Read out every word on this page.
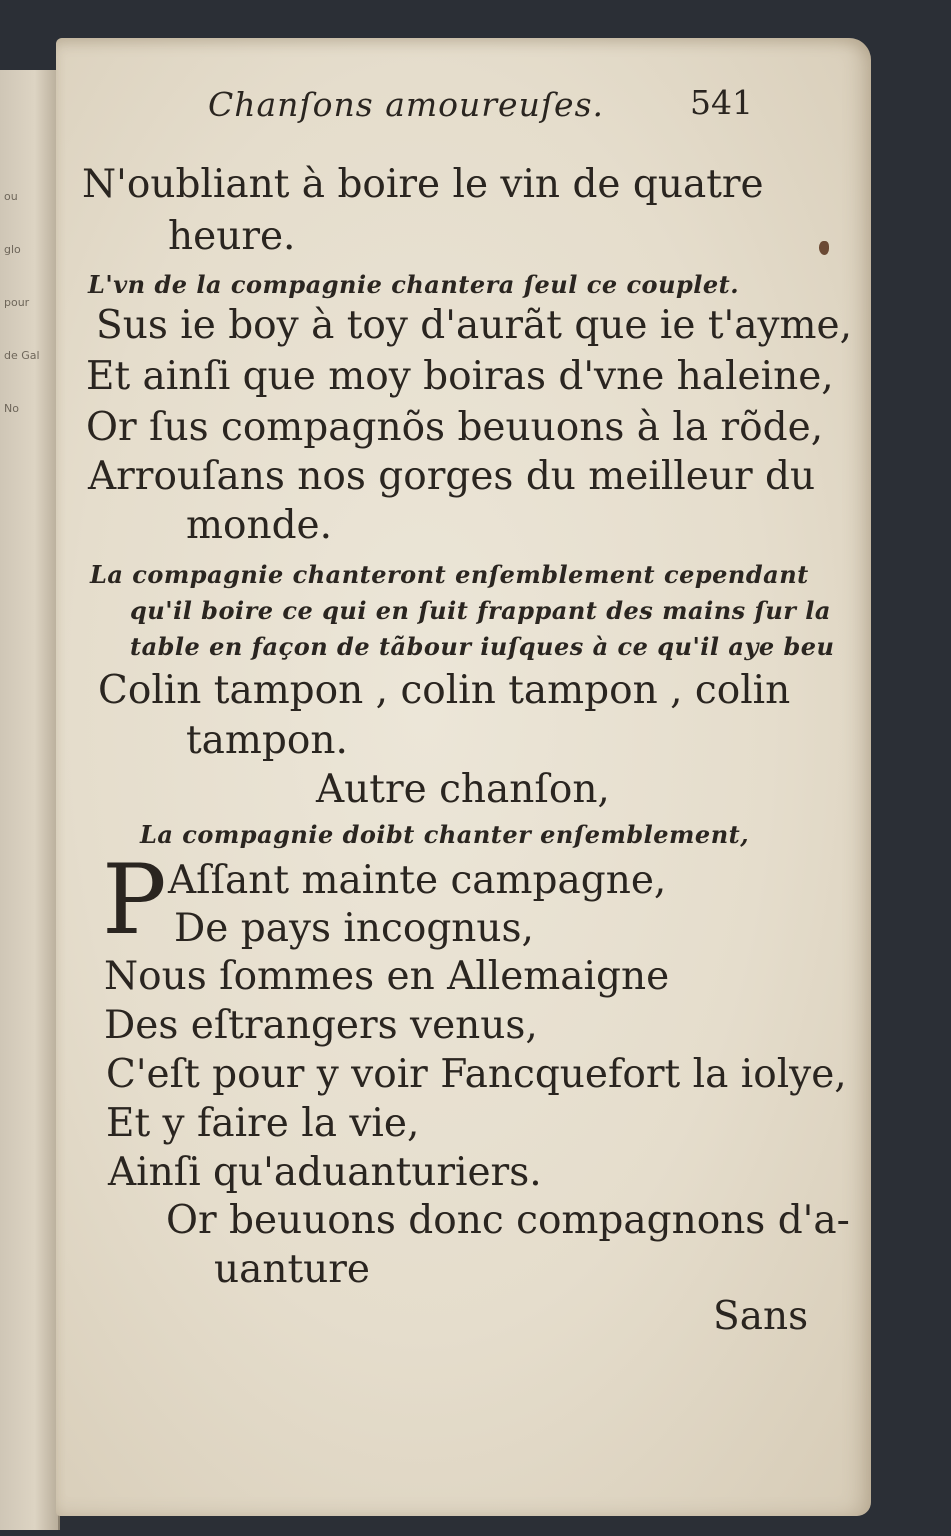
ou
glo
pour
de Gal
No
Chanſons amoureuſes.	541
N'oubliant à boire le vin de quatre
heure.
L'vn de la compagnie chantera ſeul ce couplet.
Sus ie boy à toy d'aurãt que ie t'ayme,
Et ainſi que moy boiras d'vne haleine,
Or ſus compagnõs beuuons à la rõde,
Arrouſans nos gorges du meilleur du
monde.
La compagnie chanteront enſemblement cependant
qu'il boire ce qui en ſuit frappant des mains ſur la
table en façon de tãbour iuſques à ce qu'il aye beu
Colin tampon , colin tampon , colin
tampon.
Autre chanſon,
La compagnie doibt chanter enſemblement,
P Aſſant mainte campagne,
De pays incognus,
Nous ſommes en Allemaigne
Des eſtrangers venus,
C'eſt pour y voir Fancquefort la iolye,
Et y faire la vie,
Ainſi qu'aduanturiers.
Or beuuons donc compagnons d'a-
uanture
Sans
